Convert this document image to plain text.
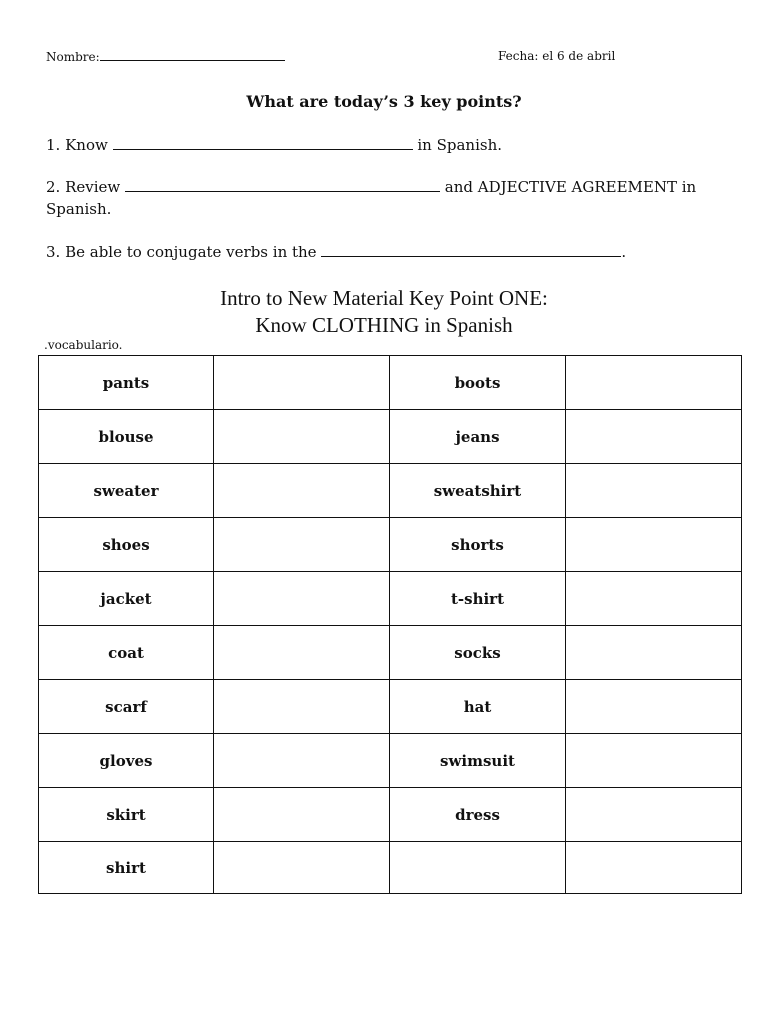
Nombre:	Fecha: el 6 de abril
What are today’s 3 key points?
1. Know	in Spanish.
2. Review	and ADJECTIVE AGREEMENT in
Spanish.
3. Be able to conjugate verbs in the	.
Intro to New Material Key Point ONE:
Know CLOTHING in Spanish
.vocabulario.
pants		boots	
blouse		jeans	
sweater		sweatshirt	
shoes		shorts	
jacket		t-shirt	
coat		socks	
scarf		hat	
gloves		swimsuit	
skirt		dress	
shirt			
